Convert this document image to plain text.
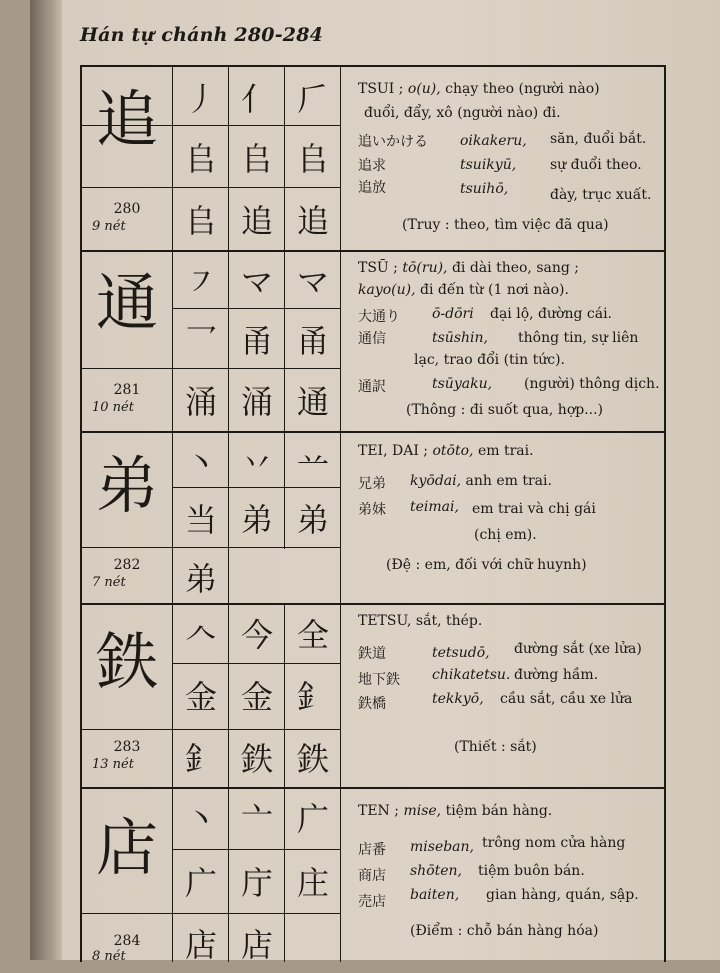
Hán tự chánh 280-284
追
280
9 nét
丿 亻 𠂆
𠂤 𠂤 𠂤
𠂤 追 追
TSUI ; o(u), chạy theo (người nào)
đuổi, đẩy, xô (người nào) đi.
追いかける oikakeru, săn, đuổi bắt.
追求	tsuikyū, sự đuổi theo.
追放	tsuihō,	đày, trục xuất.
(Truy : theo, tìm việc đã qua)
通
281
10 nét
㇇ マ マ
⺂ 甬 甬
涌 涌 通
TSŪ ; tō(ru), đi dài theo, sang ;
kayo(u), đi đến từ (1 nơi nào).
大通り ō-dōri đại lộ, đường cái.
通信	tsūshin, thông tin, sự liên
lạc, trao đổi (tin tức).
通訳	tsūyaku, (người) thông dịch.
(Thông : đi suốt qua, hợp...)
弟
282
7 nét
丶 丷 䒑
当 弟 弟
弟
TEI, DAI ; otōto, em trai.
兄弟 kyōdai, anh em trai.
弟妹 teimai, em trai và chị gái
(chị em).
(Đệ : em, đối với chữ huynh)
鉄
283
13 nét
𠆢 今 全
金 金 釒
釒 鉄 鉄
TETSU, sắt, thép.
鉄道	tetsudō, đường sắt (xe lửa)
地下鉄 chikatetsu. đường hầm.
鉄橋	tekkyō, cầu sắt, cầu xe lửa
(Thiết : sắt)
店
284
8 nét
丶 亠 广
广 庁 庄
店 店
TEN ; mise, tiệm bán hàng.
店番 miseban, trông nom cửa hàng
商店 shōten, tiệm buôn bán.
売店 baiten, gian hàng, quán, sập.
(Điểm : chỗ bán hàng hóa)
